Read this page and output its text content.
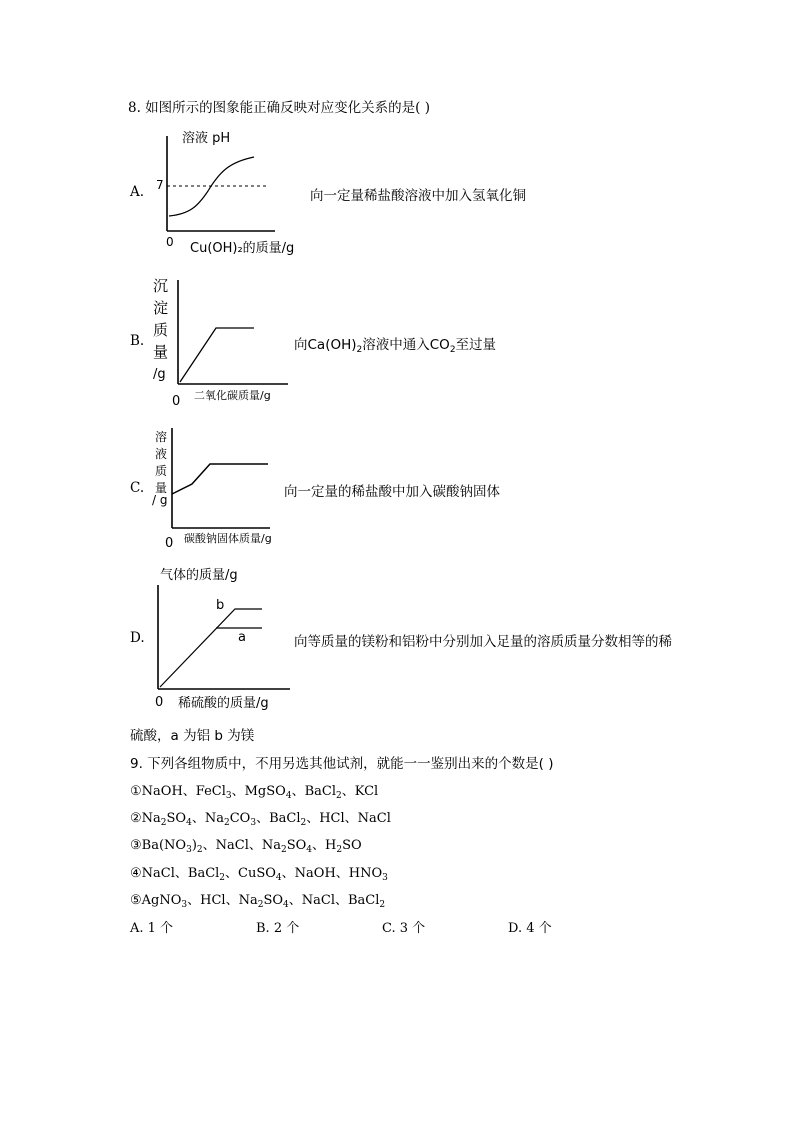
8. 如图所示的图象能正确反映对应变化关系的是( )
A.
溶液 pH
7
0 Cu(OH)₂的质量/g
向一定量稀盐酸溶液中加入氢氧化铜
B.
沉
淀
质
量
/g
0 二氧化碳质量/g
向$Ca(OH)_2$溶液中通入$CO_2$至过量
C.
溶
液
质
量
/ g
0 碳酸钠固体质量/g
向一定量的稀盐酸中加入碳酸钠固体
D.
气体的质量/g
b
a
0 稀硫酸的质量/g
向等质量的镁粉和铝粉中分别加入足量的溶质质量分数相等的稀
硫酸，a 为铝 b 为镁
9. 下列各组物质中，不用另选其他试剂，就能一一鉴别出来的个数是( )
①NaOH、FeCl$_3$、MgSO$_4$、BaCl$_2$、KCl
$②Na_2SO_4$、$Na_2CO_3$、BaCl$_2$、HCl、NaCl
$③Ba(NO_3)_2$、NaCl、$Na_2SO_4$、$H_2SO$
④NaCl、BaCl$_2$、CuSO$_4$、NaOH、$HNO_3$
⑤AgNO$_3$、HCl、$Na_2SO_4$、NaCl、BaCl$_2$
A. 1 个	B. 2 个	C. 3 个	D. 4 个
